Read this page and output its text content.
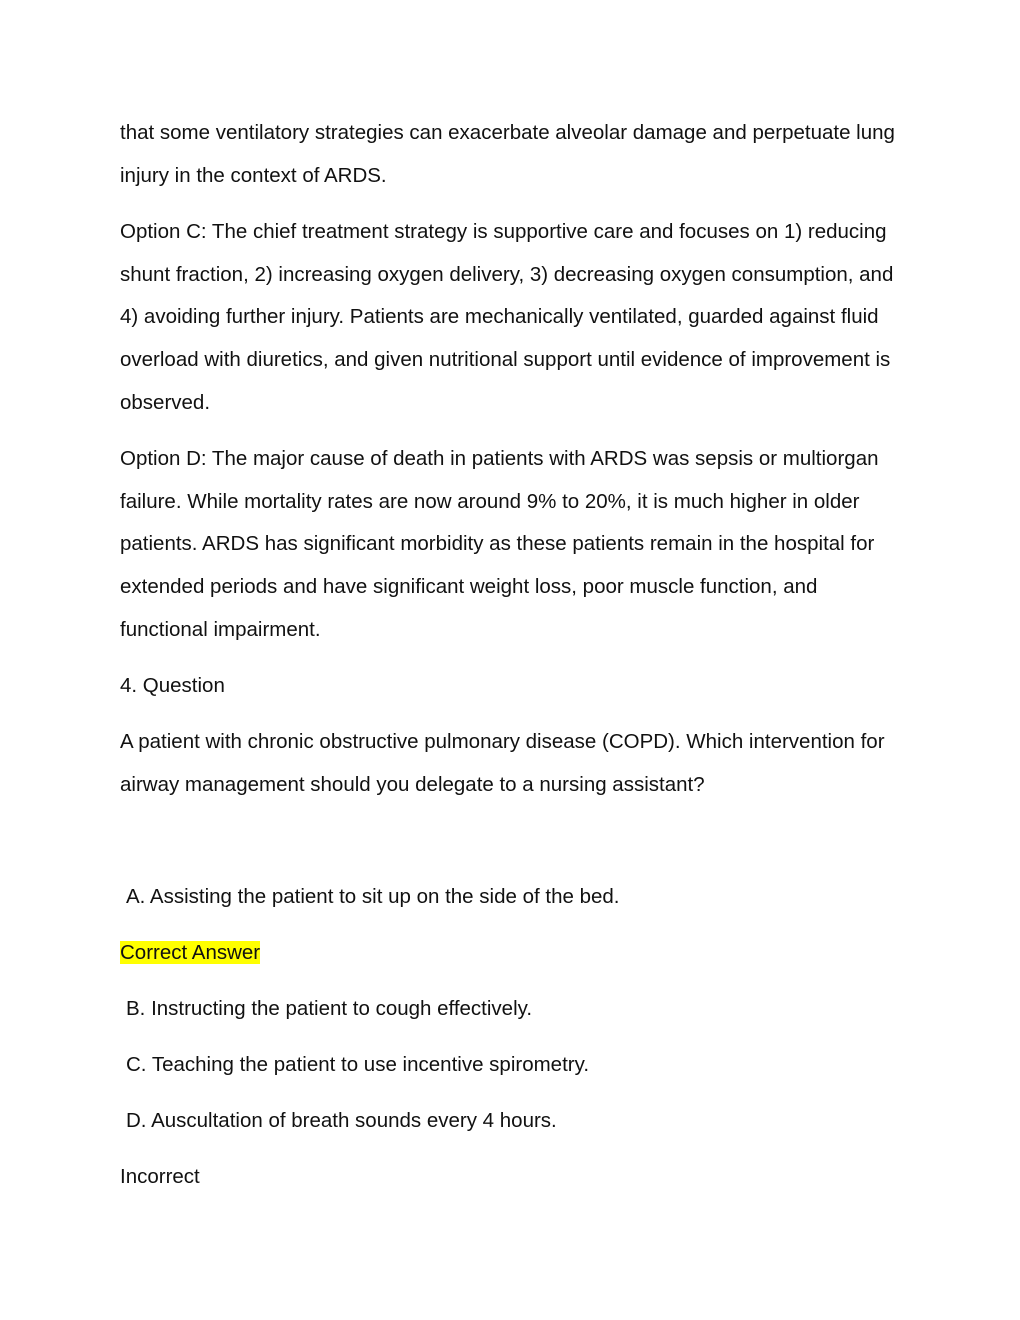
that some ventilatory strategies can exacerbate alveolar damage and perpetuate lung injury in the context of ARDS.

Option C: The chief treatment strategy is supportive care and focuses on 1) reducing shunt fraction, 2) increasing oxygen delivery, 3) decreasing oxygen consumption, and 4) avoiding further injury. Patients are mechanically ventilated, guarded against fluid overload with diuretics, and given nutritional support until evidence of improvement is observed.

Option D: The major cause of death in patients with ARDS was sepsis or multiorgan failure. While mortality rates are now around 9% to 20%, it is much higher in older patients. ARDS has significant morbidity as these patients remain in the hospital for extended periods and have significant weight loss, poor muscle function, and functional impairment.

4. Question

A patient with chronic obstructive pulmonary disease (COPD). Which intervention for airway management should you delegate to a nursing assistant?

A. Assisting the patient to sit up on the side of the bed.

Correct Answer

B. Instructing the patient to cough effectively.

C. Teaching the patient to use incentive spirometry.

D. Auscultation of breath sounds every 4 hours.

Incorrect
